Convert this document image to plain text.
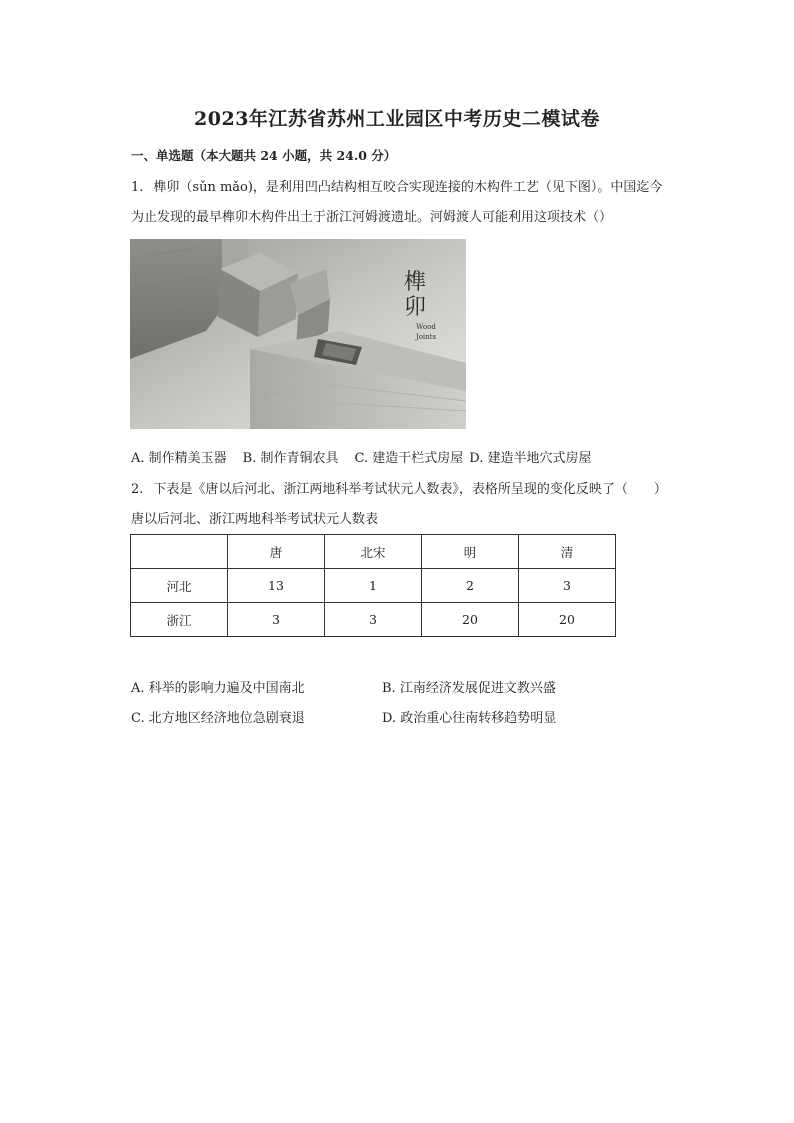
2023年江苏省苏州工业园区中考历史二模试卷
一、单选题（本大题共 24 小题，共 24.0 分）
1. 榫卯（sǔn mǎo)，是利用凹凸结构相互咬合实现连接的木构件工艺（见下图）。中国迄今
为止发现的最早榫卯木构件出土于浙江河姆渡遗址。河姆渡人可能利用这项技术（）
榫
卯
Wood
Joints
A. 制作精美玉器 B. 制作青铜农具 C. 建造干栏式房屋 D. 建造半地穴式房屋
2. 下表是《唐以后河北、浙江两地科举考试状元人数表》，表格所呈现的变化反映了（　　）
唐以后河北、浙江两地科举考试状元人数表
	唐	北宋	明	清
河北	13	1	2	3
浙江	3	3	20	20
A. 科举的影响力遍及中国南北	B. 江南经济发展促进文教兴盛
C. 北方地区经济地位急剧衰退	D. 政治重心往南转移趋势明显
